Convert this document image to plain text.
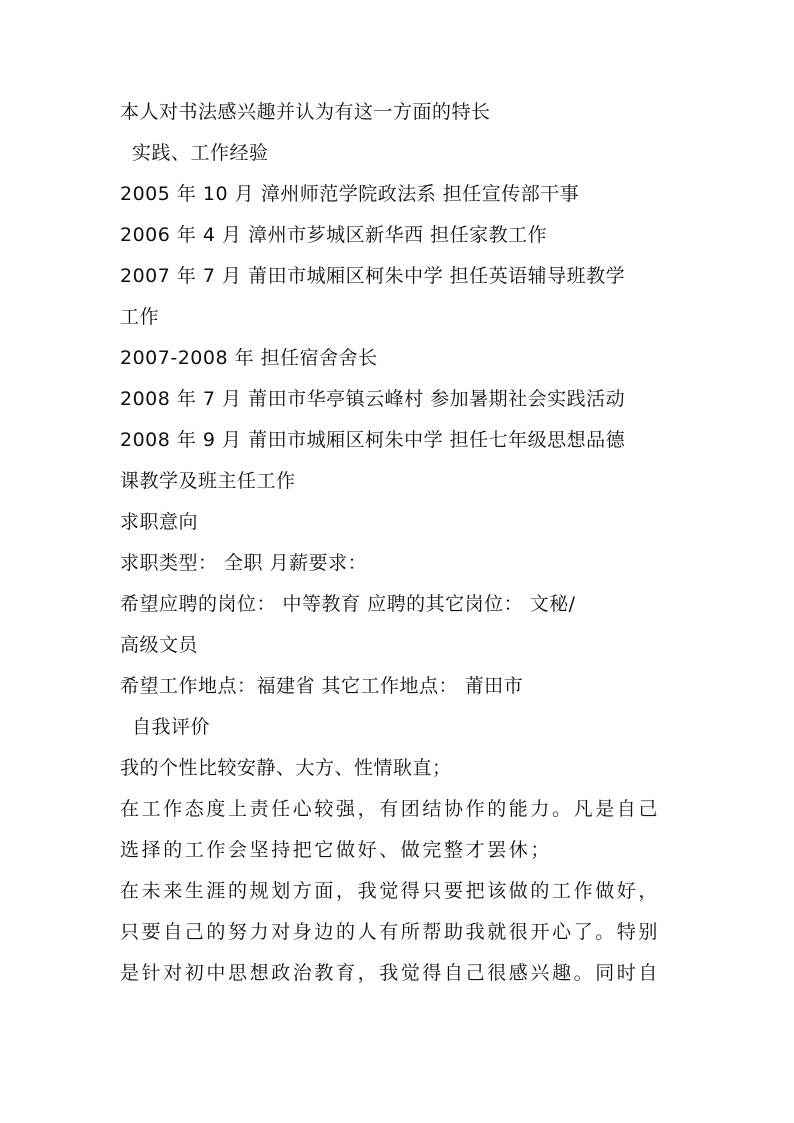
本人对书法感兴趣并认为有这一方面的特长
实践、工作经验
2005 年 10 月 漳州师范学院政法系 担任宣传部干事
2006 年 4 月 漳州市芗城区新华西 担任家教工作
2007 年 7 月 莆田市城厢区柯朱中学 担任英语辅导班教学
工作
2007-2008 年 担任宿舍舍长
2008 年 7 月 莆田市华亭镇云峰村 参加暑期社会实践活动
2008 年 9 月 莆田市城厢区柯朱中学 担任七年级思想品德
课教学及班主任工作
求职意向
求职类型： 全职 月薪要求：
希望应聘的岗位： 中等教育 应聘的其它岗位： 文秘/
高级文员
希望工作地点：福建省 其它工作地点： 莆田市
自我评价
我的个性比较安静、大方、性情耿直；
在工作态度上责任心较强，有团结协作的能力。凡是自己
选择的工作会坚持把它做好、做完整才罢休；
在未来生涯的规划方面，我觉得只要把该做的工作做好，
只要自己的努力对身边的人有所帮助我就很开心了。特别
是针对初中思想政治教育，我觉得自己很感兴趣。同时自
